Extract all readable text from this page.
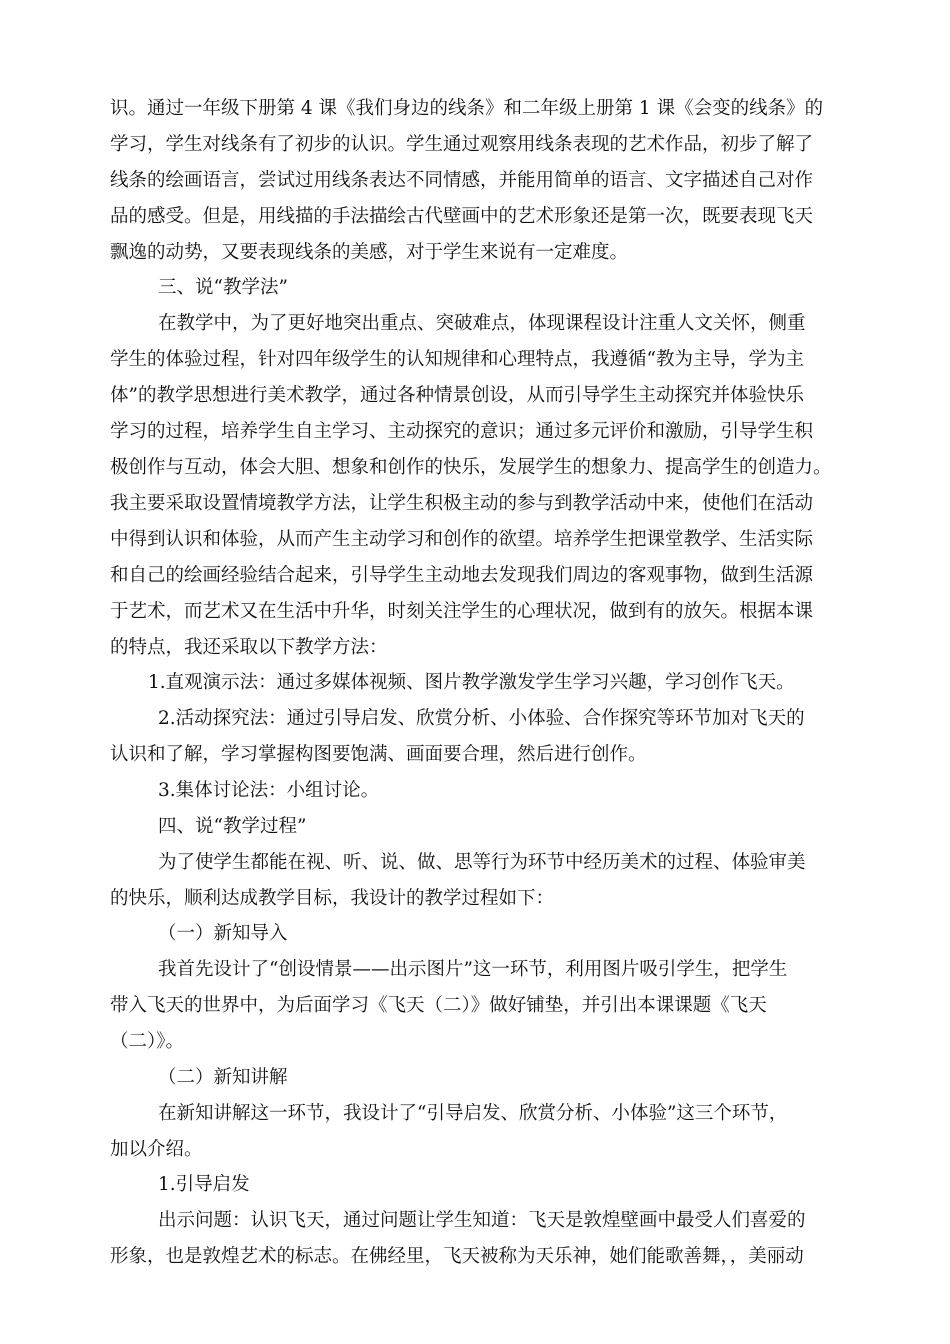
识。通过一年级下册第 4 课《我们身边的线条》和二年级上册第 1 课《会变的线条》的
学习，学生对线条有了初步的认识。学生通过观察用线条表现的艺术作品，初步了解了
线条的绘画语言，尝试过用线条表达不同情感，并能用简单的语言、文字描述自己对作
品的感受。但是，用线描的手法描绘古代壁画中的艺术形象还是第一次，既要表现飞天
飘逸的动势，又要表现线条的美感，对于学生来说有一定难度。
三、说“教学法”
在教学中，为了更好地突出重点、突破难点，体现课程设计注重人文关怀，侧重
学生的体验过程，针对四年级学生的认知规律和心理特点，我遵循“教为主导，学为主
体”的教学思想进行美术教学，通过各种情景创设，从而引导学生主动探究并体验快乐
学习的过程，培养学生自主学习、主动探究的意识；通过多元评价和激励，引导学生积
极创作与互动，体会大胆、想象和创作的快乐，发展学生的想象力、提高学生的创造力。
我主要采取设置情境教学方法，让学生积极主动的参与到教学活动中来，使他们在活动
中得到认识和体验，从而产生主动学习和创作的欲望。培养学生把课堂教学、生活实际
和自己的绘画经验结合起来，引导学生主动地去发现我们周边的客观事物，做到生活源
于艺术，而艺术又在生活中升华，时刻关注学生的心理状况，做到有的放矢。根据本课
的特点，我还采取以下教学方法：
1.直观演示法：通过多媒体视频、图片教学激发学生学习兴趣，学习创作飞天。
2.活动探究法：通过引导启发、欣赏分析、小体验、合作探究等环节加对飞天的
认识和了解，学习掌握构图要饱满、画面要合理，然后进行创作。
3.集体讨论法：小组讨论。
四、说“教学过程”
为了使学生都能在视、听、说、做、思等行为环节中经历美术的过程、体验审美
的快乐，顺利达成教学目标，我设计的教学过程如下：
（一）新知导入
我首先设计了“创设情景——出示图片”这一环节，利用图片吸引学生，把学生
带入飞天的世界中，为后面学习《飞天（二）》做好铺垫，并引出本课课题《飞天
（二）》。
（二）新知讲解
在新知讲解这一环节，我设计了“引导启发、欣赏分析、小体验”这三个环节，
加以介绍。
1.引导启发
出示问题：认识飞天，通过问题让学生知道：飞天是敦煌壁画中最受人们喜爱的
形象，也是敦煌艺术的标志。在佛经里，飞天被称为天乐神，她们能歌善舞，，美丽动
